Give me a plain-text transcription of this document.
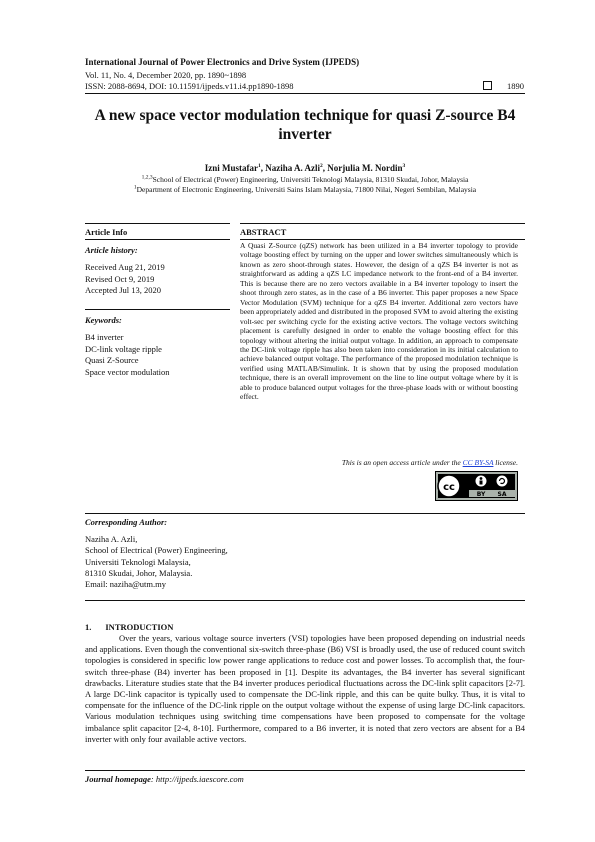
International Journal of Power Electronics and Drive System (IJPEDS)
Vol. 11, No. 4, December 2020, pp. 1890~1898
ISSN: 2088-8694, DOI: 10.11591/ijpeds.v11.i4.pp1890-1898	1890
A new space vector modulation technique for quasi Z-source B4 inverter
Izni Mustafar$^1$, Naziha A. Azli$^2$, Norjulia M. Nordin$^3$
$^{1,2,3}$School of Electrical (Power) Engineering, Universiti Teknologi Malaysia, 81310 Skudai, Johor, Malaysia
$^1$Department of Electronic Engineering, Universiti Sains Islam Malaysia, 71800 Nilai, Negeri Sembilan, Malaysia
Article Info
Article history:
Received Aug 21, 2019
Revised Oct 9, 2019
Accepted Jul 13, 2020
Keywords:
B4 inverter
DC-link voltage ripple
Quasi Z-Source
Space vector modulation
ABSTRACT
A Quasi Z-Source (qZS) network has been utilized in a B4 inverter topology to provide voltage boosting effect by turning on the upper and lower switches simultaneously which is known as zero shoot-through states. However, the design of a qZS B4 inverter is not as straightforward as adding a qZS LC impedance network to the front-end of a B4 inverter. This is because there are no zero vectors available in a B4 inverter topology to insert the shoot through zero states, as in the case of a B6 inverter. This paper proposes a new Space Vector Modulation (SVM) technique for a qZS B4 inverter. Additional zero vectors have been appropriately added and distributed in the proposed SVM to avoid altering the existing volt-sec per switching cycle for the existing active vectors. The voltage vectors switching placement is carefully designed in order to enable the voltage boosting effect for this topology without altering the initial output voltage. In addition, an approach to compensate the DC-link voltage ripple has also been taken into consideration in its initial calculation to achieve balanced output voltage. The performance of the proposed modulation technique is verified using MATLAB/Simulink. It is shown that by using the proposed modulation technique, there is an overall improvement on the line to line output voltage where by it is able to produce balanced output voltages for the three-phase loads with or without boosting effect.
This is an open access article under the CC BY-SA license.
cc
BY SA
Corresponding Author:
Naziha A. Azli,
School of Electrical (Power) Engineering,
Universiti Teknologi Malaysia,
81310 Skudai, Johor, Malaysia.
Email: naziha@utm.my
1. INTRODUCTION
Over the years, various voltage source inverters (VSI) topologies have been proposed depending on industrial needs and applications. Even though the conventional six-switch three-phase (B6) VSI is broadly used, the use of reduced count switch topologies is considered in specific low power range applications to reduce cost and power losses. To accomplish that, the four-switch three-phase (B4) inverter has been proposed in [1]. Despite its advantages, the B4 inverter has several significant drawbacks. Literature studies state that the B4 inverter produces periodical fluctuations across the DC-link split capacitors [2-7]. A large DC-link capacitor is typically used to compensate the DC-link ripple, and this can be quite bulky. Thus, it is vital to compensate for the influence of the DC-link ripple on the output voltage without the expense of using large DC-link capacitors. Various modulation techniques using switching time compensations have been proposed to compensate for the voltage imbalance split capacitor [2-4, 8-10]. Furthermore, compared to a B6 inverter, it is noted that zero vectors are absent for a B4 inverter with only four available active vectors.
Journal homepage: http://ijpeds.iaescore.com
